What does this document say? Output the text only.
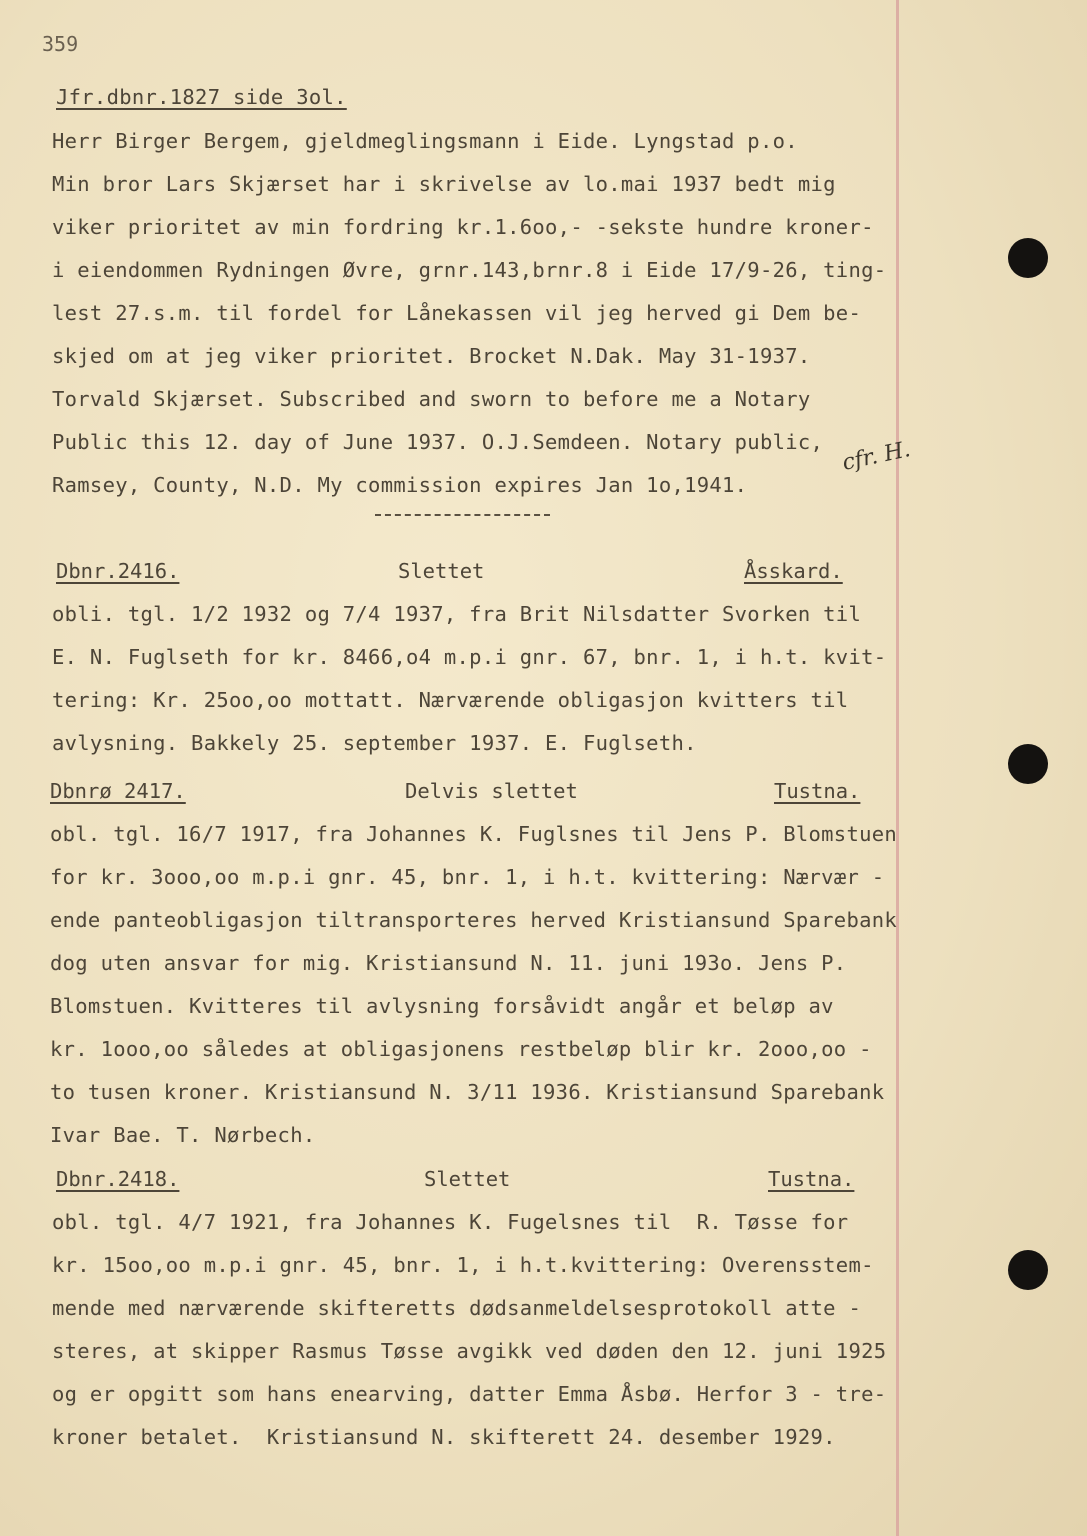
359
Jfr.dbnr.1827 side 3ol.
Herr Birger Bergem, gjeldmeglingsmann i Eide. Lyngstad p.o.
Min bror Lars Skjærset har i skrivelse av lo.mai 1937 bedt mig
viker prioritet av min fordring kr.1.6oo,- -sekste hundre kroner-
i eiendommen Rydningen Øvre, grnr.143,brnr.8 i Eide 17/9-26, ting-
lest 27.s.m. til fordel for Lånekassen vil jeg herved gi Dem be-
skjed om at jeg viker prioritet. Brocket N.Dak. May 31-1937.
Torvald Skjærset. Subscribed and sworn to before me a Notary
Public this 12. day of June 1937. O.J.Semdeen. Notary public,
Ramsey, County, N.D. My commission expires Jan 1o,1941.
cfr. H.
Dbnr.2416.	Slettet	Åsskard.
obli. tgl. 1/2 1932 og 7/4 1937, fra Brit Nilsdatter Svorken til
E. N. Fuglseth for kr. 8466,o4 m.p.i gnr. 67, bnr. 1, i h.t. kvit-
tering: Kr. 25oo,oo mottatt. Nærværende obligasjon kvitters til
avlysning. Bakkely 25. september 1937. E. Fuglseth.
Dbnrø 2417.	Delvis slettet	Tustna.
obl. tgl. 16/7 1917, fra Johannes K. Fuglsnes til Jens P. Blomstuen
for kr. 3ooo,oo m.p.i gnr. 45, bnr. 1, i h.t. kvittering: Nærvær -
ende panteobligasjon tiltransporteres herved Kristiansund Sparebank
dog uten ansvar for mig. Kristiansund N. 11. juni 193o. Jens P.
Blomstuen. Kvitteres til avlysning forsåvidt angår et beløp av
kr. 1ooo,oo således at obligasjonens restbeløp blir kr. 2ooo,oo -
to tusen kroner. Kristiansund N. 3/11 1936. Kristiansund Sparebank
Ivar Bae. T. Nørbech.
Dbnr.2418.	Slettet	Tustna.
obl. tgl. 4/7 1921, fra Johannes K. Fugelsnes til  R. Tøsse for
kr. 15oo,oo m.p.i gnr. 45, bnr. 1, i h.t.kvittering: Overensstem-
mende med nærværende skifteretts dødsanmeldelsesprotokoll atte -
steres, at skipper Rasmus Tøsse avgikk ved døden den 12. juni 1925
og er opgitt som hans enearving, datter Emma Åsbø. Herfor 3 - tre-
kroner betalet.  Kristiansund N. skifterett 24. desember 1929.
